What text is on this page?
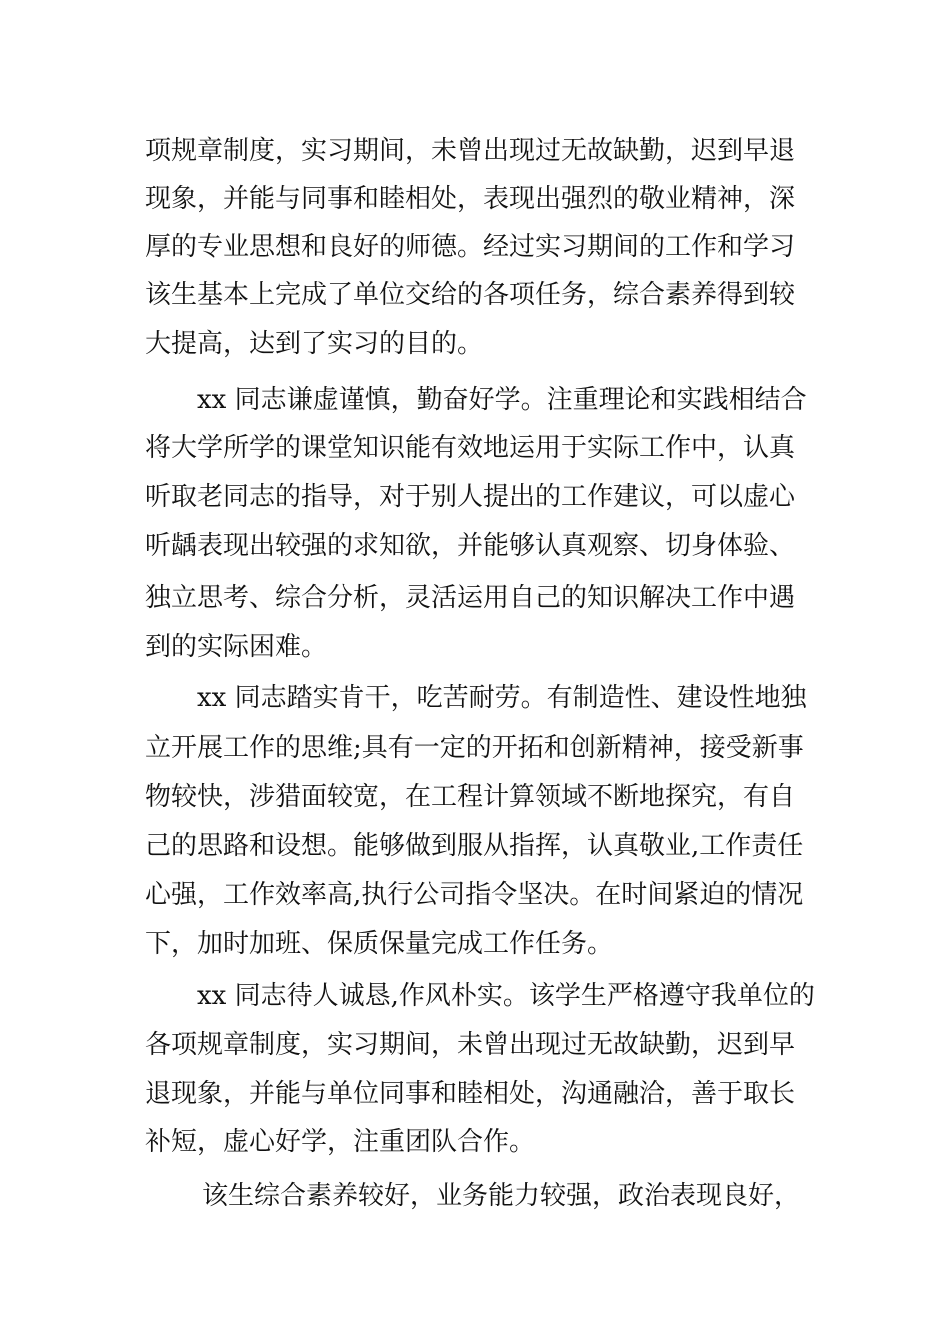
项规章制度，实习期间，未曾出现过无故缺勤，迟到早退
现象，并能与同事和睦相处，表现出强烈的敬业精神，深
厚的专业思想和良好的师德。经过实习期间的工作和学习
该生基本上完成了单位交给的各项任务，综合素养得到较
大提高，达到了实习的目的。
xx 同志谦虚谨慎，勤奋好学。注重理论和实践相结合
将大学所学的课堂知识能有效地运用于实际工作中，认真
听取老同志的指导，对于别人提出的工作建议，可以虚心
听龋表现出较强的求知欲，并能够认真观察、切身体验、
独立思考、综合分析，灵活运用自己的知识解决工作中遇
到的实际困难。
xx 同志踏实肯干，吃苦耐劳。有制造性、建设性地独
立开展工作的思维;具有一定的开拓和创新精神，接受新事
物较快，涉猎面较宽，在工程计算领域不断地探究，有自
己的思路和设想。能够做到服从指挥，认真敬业,工作责任
心强，工作效率高,执行公司指令坚决。在时间紧迫的情况
下，加时加班、保质保量完成工作任务。
xx 同志待人诚恳,作风朴实。该学生严格遵守我单位的
各项规章制度，实习期间，未曾出现过无故缺勤，迟到早
退现象，并能与单位同事和睦相处，沟通融洽，善于取长
补短，虚心好学，注重团队合作。
该生综合素养较好，业务能力较强，政治表现良好，
